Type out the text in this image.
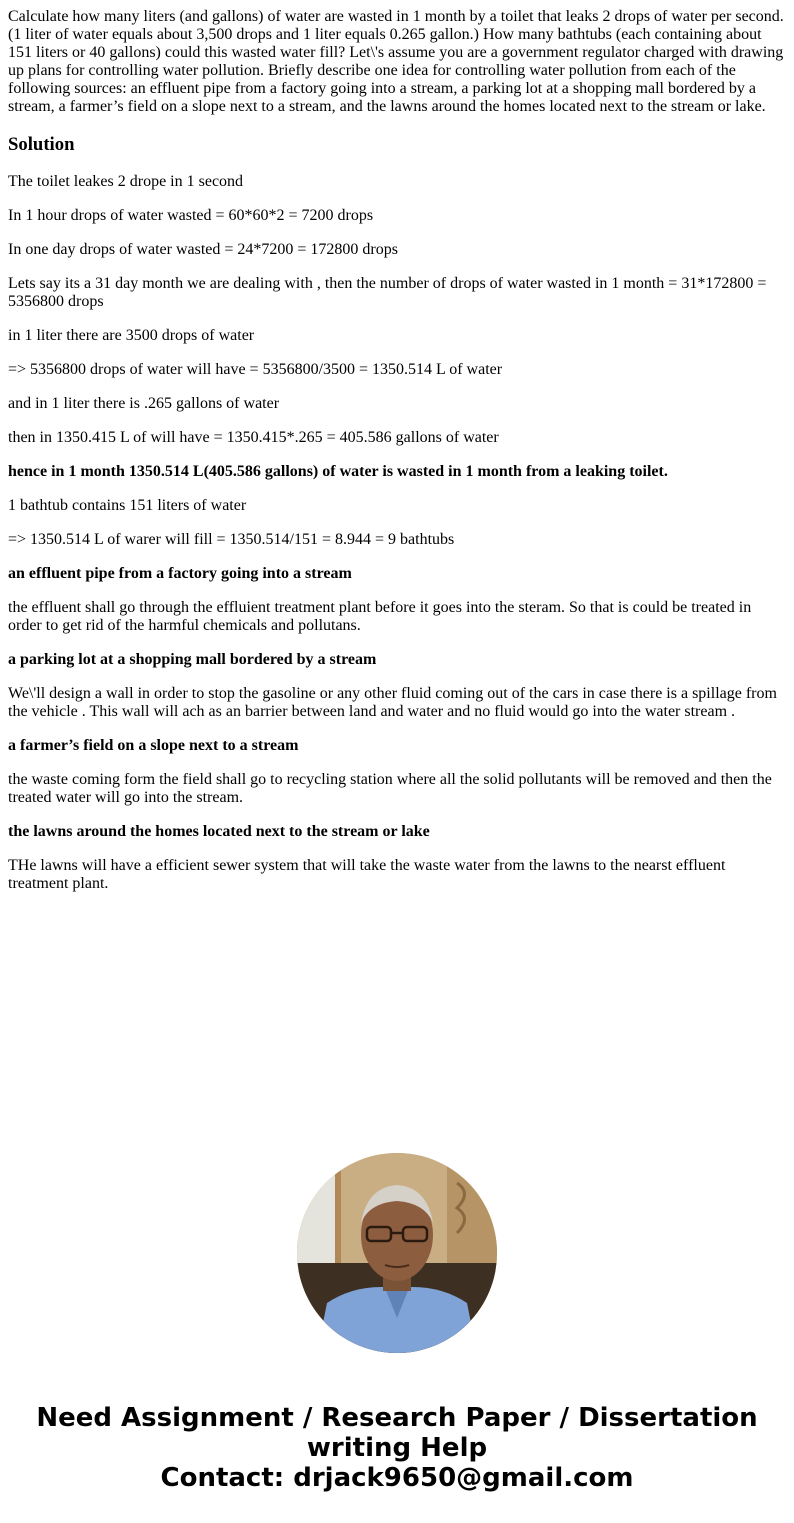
Calculate how many liters (and gallons) of water are wasted in 1 month by a toilet that leaks 2 drops of water per second. (1 liter of water equals about 3,500 drops and 1 liter equals 0.265 gallon.) How many bathtubs (each containing about 151 liters or 40 gallons) could this wasted water fill? Let\'s assume you are a government regulator charged with drawing up plans for controlling water pollution. Briefly describe one idea for controlling water pollution from each of the following sources: an effluent pipe from a factory going into a stream, a parking lot at a shopping mall bordered by a stream, a farmer’s field on a slope next to a stream, and the lawns around the homes located next to the stream or lake.

Solution

The toilet leakes 2 drope in 1 second

In 1 hour drops of water wasted = 60*60*2 = 7200 drops

In one day drops of water wasted = 24*7200 = 172800 drops

Lets say its a 31 day month we are dealing with , then the number of drops of water wasted in 1 month = 31*172800 = 5356800 drops

in 1 liter there are 3500 drops of water

=> 5356800 drops of water will have = 5356800/3500 = 1350.514 L of water

and in 1 liter there is .265 gallons of water

then in 1350.415 L of will have = 1350.415*.265 = 405.586 gallons of water

hence in 1 month 1350.514 L(405.586 gallons) of water is wasted in 1 month from a leaking toilet.

1 bathtub contains 151 liters of water

=> 1350.514 L of warer will fill = 1350.514/151 = 8.944 = 9 bathtubs

an effluent pipe from a factory going into a stream

the effluent shall go through the effluient treatment plant before it goes into the steram. So that is could be treated in order to get rid of the harmful chemicals and pollutans.

a parking lot at a shopping mall bordered by a stream

We\'ll design a wall in order to stop the gasoline or any other fluid coming out of the cars in case there is a spillage from the vehicle . This wall will ach as an barrier between land and water and no fluid would go into the water stream .

a farmer’s field on a slope next to a stream

the waste coming form the field shall go to recycling station where all the solid pollutants will be removed and then the treated water will go into the stream.

the lawns around the homes located next to the stream or lake

THe lawns will have a efficient sewer system that will take the waste water from the lawns to the nearst effluent treatment plant.

Need Assignment / Research Paper / Dissertation
writing Help
Contact: drjack9650@gmail.com
